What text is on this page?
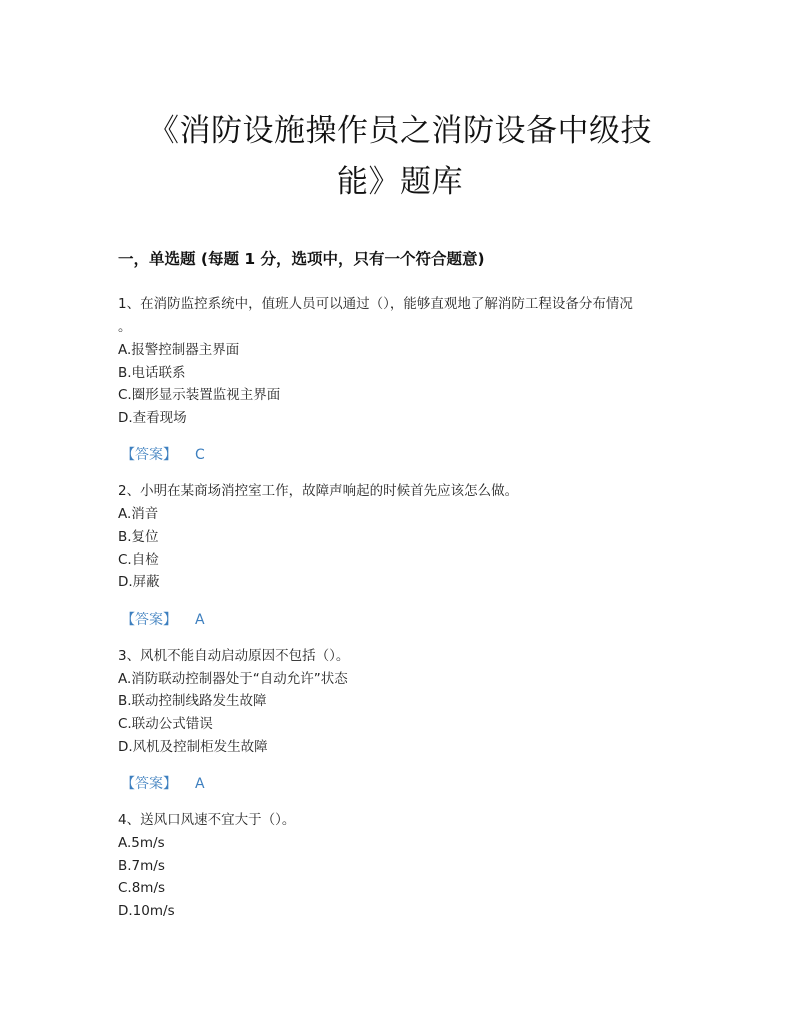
《消防设施操作员之消防设备中级技
能》题库
一，单选题 (每题 1 分，选项中，只有一个符合题意)
1、在消防监控系统中，值班人员可以通过（），能够直观地了解消防工程设备分布情况
。
A.报警控制器主界面
B.电话联系
C.圈形显示装置监视主界面
D.查看现场
【答案】 C
2、小明在某商场消控室工作，故障声响起的时候首先应该怎么做。
A.消音
B.复位
C.自检
D.屏蔽
【答案】 A
3、风机不能自动启动原因不包括（）。
A.消防联动控制器处于“自动允许”状态
B.联动控制线路发生故障
C.联动公式错误
D.风机及控制柜发生故障
【答案】 A
4、送风口风速不宜大于（）。
A.5m/s
B.7m/s
C.8m/s
D.10m/s
